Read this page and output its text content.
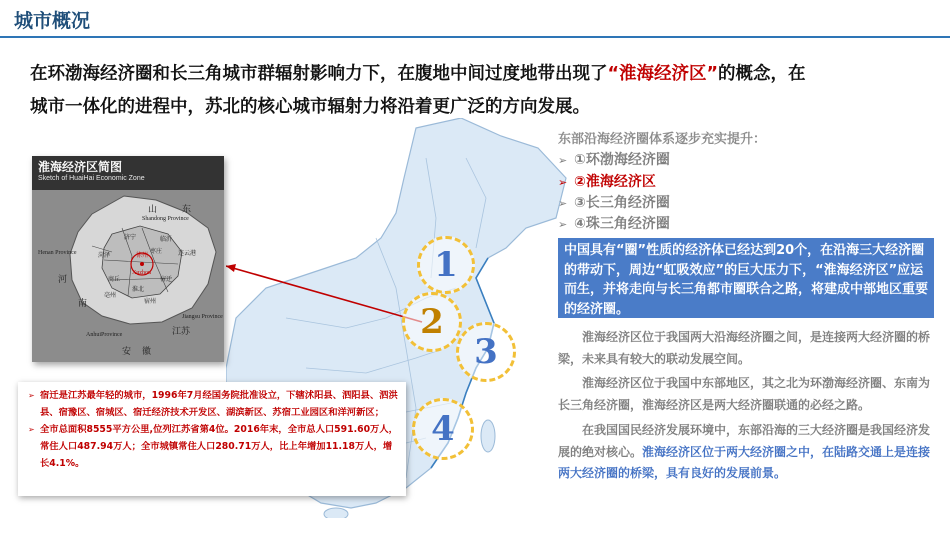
城市概况
在环渤海经济圈和长三角城市群辐射影响力下，在腹地中间过度地带出现了“淮海经济区”的概念，在
城市一体化的进程中，苏北的核心城市辐射力将沿着更广泛的方向发展。
1
2
3
4
淮海经济区简图
Sketch of HuaiHai Economic Zone
山	东
Shandong Province
Henan Province
河
南
徐州
Xuzhou
济宁	临沂
菏泽
枣庄	连云港
商丘	宿迁
淮北
亳州
宿州
AnhuiProvince	江苏
Jiangsu Province
安 徽
➢ 宿迁是江苏最年轻的城市，1996年7月经国务院批准设立，下辖沭阳县、泗阳县、泗洪县、宿豫区、宿城区、宿迁经济技术开发区、湖滨新区、苏宿工业园区和洋河新区；
➢ 全市总面积8555平方公里,位列江苏省第4位。2016年末，全市总人口591.60万人，常住人口487.94万人；全市城镇常住人口280.71万人，比上年增加11.18万人，增长4.1%。
东部沿海经济圈体系逐步充实提升：
➢ ①环渤海经济圈
➢ ②淮海经济区
➢ ③长三角经济圈
➢ ④珠三角经济圈
中国具有“圈”性质的经济体已经达到20个，在沿海三大经济圈的带动下，周边“虹吸效应”的巨大压力下，“淮海经济区”应运而生，并将走向与长三角都市圈联合之路，将建成中部地区重要的经济圈。
淮海经济区位于我国两大沿海经济圈之间，是连接两大经济圈的桥梁，未来具有较大的联动发展空间。
淮海经济区位于我国中东部地区，其之北为环渤海经济圈、东南为长三角经济圈，淮海经济区是两大经济圈联通的必经之路。
在我国国民经济发展环境中，东部沿海的三大经济圈是我国经济发展的绝对核心。淮海经济区位于两大经济圈之中，在陆路交通上是连接两大经济圈的桥梁，具有良好的发展前景。
